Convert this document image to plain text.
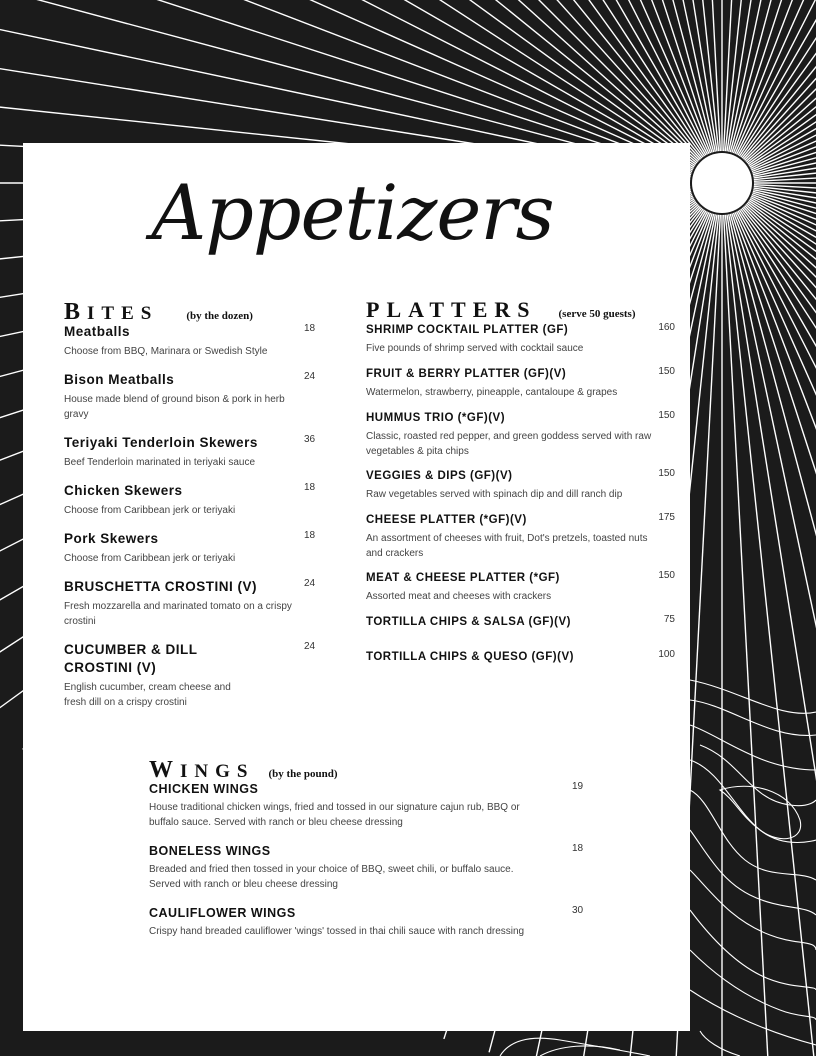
Appetizers
BITES	(by the dozen)	PLATTERS (serve 50 guests)
WINGS (by the pound)
Meatballs
Choose from BBQ, Marinara or Swedish Style
18
Bison Meatballs
House made blend of ground bison & pork in herb gravy
24
Teriyaki Tenderloin Skewers
Beef Tenderloin marinated in teriyaki sauce
36
Chicken Skewers
Choose from Caribbean jerk or teriyaki
18
Pork Skewers
Choose from Caribbean jerk or teriyaki
18
BRUSCHETTA CROSTINI (V)
Fresh mozzarella and marinated tomato on a crispy crostini
24
CUCUMBER & DILL CROSTINI (V)
English cucumber, cream cheese and fresh dill on a crispy crostini
24
SHRIMP COCKTAIL PLATTER (GF)
Five pounds of shrimp served with cocktail sauce
160
FRUIT & BERRY PLATTER (GF)(V)
Watermelon, strawberry, pineapple, cantaloupe & grapes
150
HUMMUS TRIO (*GF)(V)
Classic, roasted red pepper, and green goddess served with raw vegetables & pita chips
150
VEGGIES & DIPS (GF)(V)
Raw vegetables served with spinach dip and dill ranch dip
150
CHEESE PLATTER (*GF)(V)
An assortment of cheeses with fruit, Dot's pretzels, toasted nuts and crackers
175
MEAT & CHEESE PLATTER (*GF)
Assorted meat and cheeses with crackers
150
TORTILLA CHIPS & SALSA (GF)(V)	75
TORTILLA CHIPS & QUESO (GF)(V)	100
CHICKEN WINGS
House traditional chicken wings, fried and tossed in our signature cajun rub, BBQ or buffalo sauce. Served with ranch or bleu cheese dressing
19
BONELESS WINGS
Breaded and fried then tossed in your choice of BBQ, sweet chili, or buffalo sauce. Served with ranch or bleu cheese dressing
18
CAULIFLOWER WINGS
Crispy hand breaded cauliflower 'wings' tossed in thai chili sauce with ranch dressing
30
